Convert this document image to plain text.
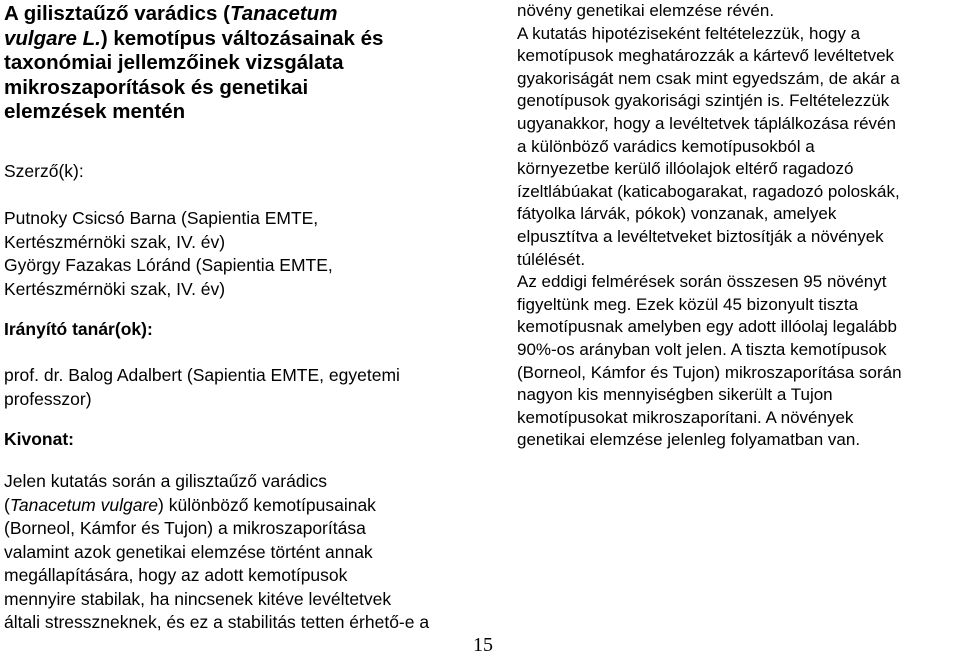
A gilisztaűző varádics (Tanacetum
vulgare L.) kemotípus változásainak és
taxonómiai jellemzőinek vizsgálata
mikroszaporítások és genetikai
elemzések mentén
Szerző(k):
Putnoky Csicsó Barna (Sapientia EMTE,
Kertészmérnöki szak, IV. év)
György Fazakas Lóránd (Sapientia EMTE,
Kertészmérnöki szak, IV. év)
Irányító tanár(ok):
prof. dr. Balog Adalbert (Sapientia EMTE, egyetemi
professzor)
Kivonat:
Jelen kutatás során a gilisztaűző varádics
(Tanacetum vulgare) különböző kemotípusainak
(Borneol, Kámfor és Tujon) a mikroszaporítása
valamint azok genetikai elemzése történt annak
megállapítására, hogy az adott kemotípusok
mennyire stabilak, ha nincsenek kitéve levéltetvek
általi stresszneknek, és ez a stabilitás tetten érhető-e a
növény genetikai elemzése révén.
A kutatás hipotéziseként feltételezzük, hogy a
kemotípusok meghatározzák a kártevő levéltetvek
gyakoriságát nem csak mint egyedszám, de akár a
genotípusok gyakorisági szintjén is. Feltételezzük
ugyanakkor, hogy a levéltetvek táplálkozása révén
a különböző varádics kemotípusokból a
környezetbe kerülő illóolajok eltérő ragadozó
ízeltlábúakat (katicabogarakat, ragadozó poloskák,
fátyolka lárvák, pókok) vonzanak, amelyek
elpusztítva a levéltetveket biztosítják a növények
túlélését.
Az eddigi felmérések során összesen 95 növényt
figyeltünk meg. Ezek közül 45 bizonyult tiszta
kemotípusnak amelyben egy adott illóolaj legalább
90%-os arányban volt jelen. A tiszta kemotípusok
(Borneol, Kámfor és Tujon) mikroszaporítása során
nagyon kis mennyiségben sikerült a Tujon
kemotípusokat mikroszaporítani. A növények
genetikai elemzése jelenleg folyamatban van.
15
